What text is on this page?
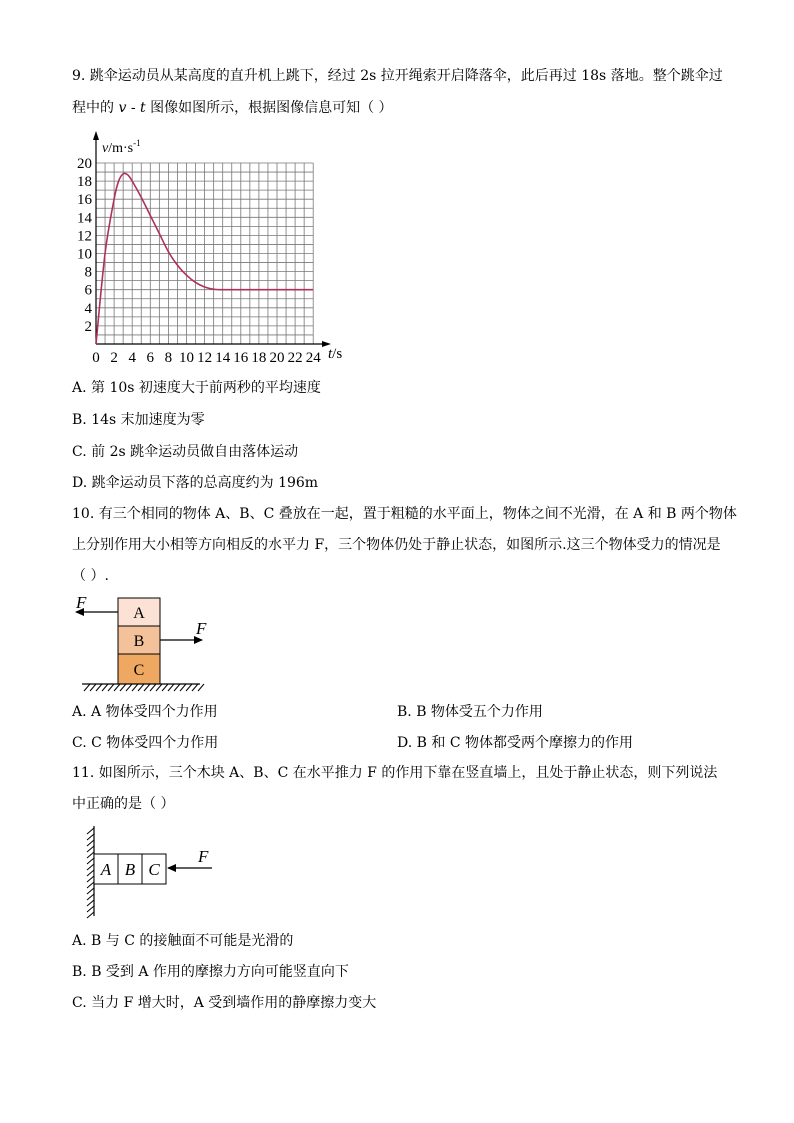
9. 跳伞运动员从某高度的直升机上跳下，经过 2s 拉开绳索开启降落伞，此后再过 18s 落地。整个跳伞过
程中的 v - t 图像如图所示，根据图像信息可知（ ）
20
18
16
14
12
10
8
6
4
2
0 2 4 6 8 10 12 14 16 18 20 22 24
$v/m\cdot s^{-1}$
t/s
A. 第 10s 初速度大于前两秒的平均速度
B. 14s 末加速度为零
C. 前 2s 跳伞运动员做自由落体运动
D. 跳伞运动员下落的总高度约为 196m
10. 有三个相同的物体 A、B、C 叠放在一起，置于粗糙的水平面上，物体之间不光滑，在 A 和 B 两个物体
上分别作用大小相等方向相反的水平力 F，三个物体仍处于静止状态，如图所示.这三个物体受力的情况是
（ ）.
A
B
C
F
F
A. A 物体受四个力作用	B. B 物体受五个力作用
C. C 物体受四个力作用	D. B 和 C 物体都受两个摩擦力的作用
11. 如图所示，三个木块 A、B、C 在水平推力 F 的作用下靠在竖直墙上，且处于静止状态，则下列说法
中正确的是（ ）
A B C
F
A. B 与 C 的接触面不可能是光滑的
B. B 受到 A 作用的摩擦力方向可能竖直向下
C. 当力 F 增大时，A 受到墙作用的静摩擦力变大
